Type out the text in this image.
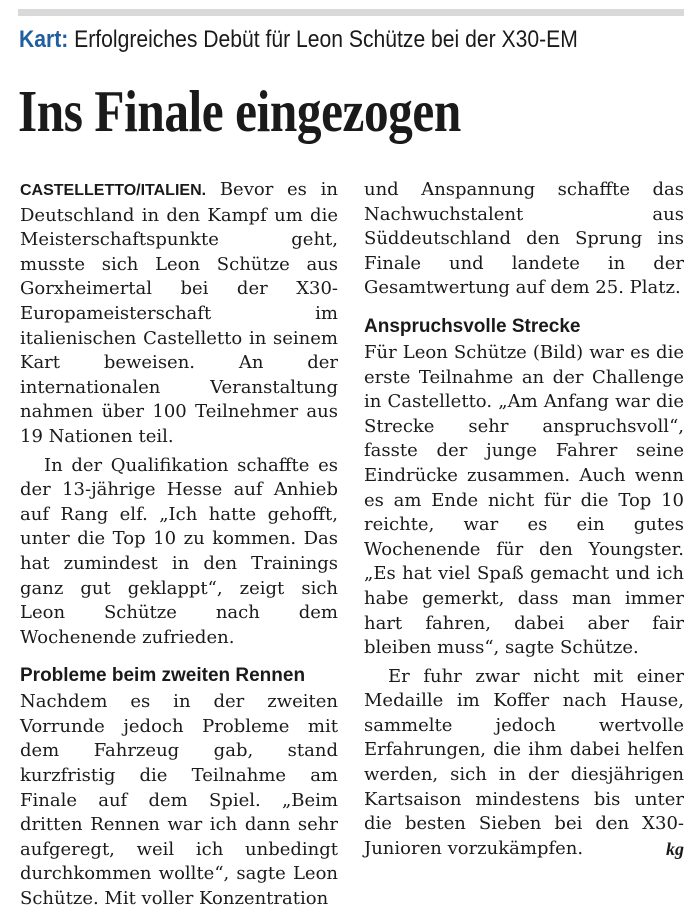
Kart: Erfolgreiches Debüt für Leon Schütze bei der X30-EM
Ins Finale eingezogen

CASTELLETTO/ITALIEN. Bevor es in Deutschland in den Kampf um die Meisterschaftspunkte geht, musste sich Leon Schütze aus Gorxheimertal bei der X30-Europameisterschaft im italienischen Castelletto in seinem Kart beweisen. An der internationalen Veranstaltung nahmen über 100 Teilnehmer aus 19 Nationen teil.

In der Qualifikation schaffte es der 13-jährige Hesse auf Anhieb auf Rang elf. „Ich hatte gehofft, unter die Top 10 zu kommen. Das hat zumindest in den Trainings ganz gut geklappt“, zeigt sich Leon Schütze nach dem Wochenende zufrieden.

Probleme beim zweiten Rennen

Nachdem es in der zweiten Vorrunde jedoch Probleme mit dem Fahrzeug gab, stand kurzfristig die Teilnahme am Finale auf dem Spiel. „Beim dritten Rennen war ich dann sehr aufgeregt, weil ich unbedingt durchkommen wollte“, sagte Leon Schütze. Mit voller Konzentration

und Anspannung schaffte das Nachwuchstalent aus Süddeutschland den Sprung ins Finale und landete in der Gesamtwertung auf dem 25. Platz.

Anspruchsvolle Strecke

Für Leon Schütze (Bild) war es die erste Teilnahme an der Challenge in Castelletto. „Am Anfang war die Strecke sehr anspruchsvoll“, fasste der junge Fahrer seine Eindrücke zusammen. Auch wenn es am Ende nicht für die Top 10 reichte, war es ein gutes Wochenende für den Youngster. „Es hat viel Spaß gemacht und ich habe gemerkt, dass man immer hart fahren, dabei aber fair bleiben muss“, sagte Schütze.

Er fuhr zwar nicht mit einer Medaille im Koffer nach Hause, sammelte jedoch wertvolle Erfahrungen, die ihm dabei helfen werden, sich in der diesjährigen Kartsaison mindestens bis unter die besten Sieben bei den X30-Junioren vorzukämpfen.	kg
